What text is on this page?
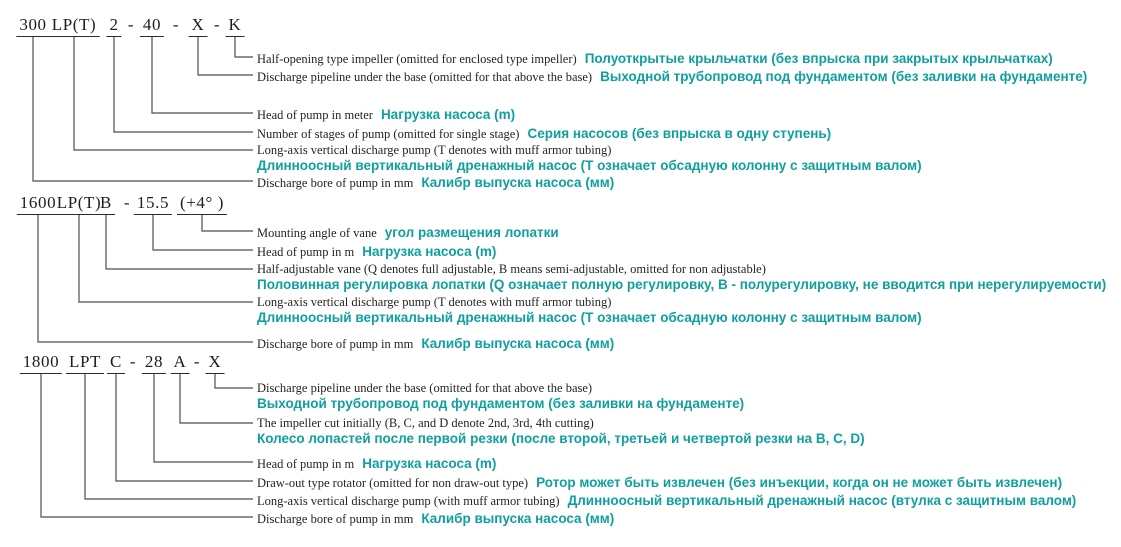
300 LP(T) 2 - 40 - X - K
Half-opening type impeller (omitted for enclosed type impeller) Полуоткрытые крыльчатки (без впрыска при закрытых крыльчатках)
Discharge pipeline under the base (omitted for that above the base) Выходной трубопровод под фундаментом (без заливки на фундаменте)
Head of pump in meter Нагрузка насоса (m)
Number of stages of pump (omitted for single stage) Серия насосов (без впрыска в одну ступень)
Long-axis vertical discharge pump (T denotes with muff armor tubing)
Длинноосный вертикальный дренажный насос (Т означает обсадную колонну с защитным валом)
Discharge bore of pump in mm Калибр выпуска насоса (мм)
1600 LP(T)
B - 15.5 (+4° )
Mounting angle of vane угол размещения лопатки
Head of pump in m Нагрузка насоса (m)
Half-adjustable vane (Q denotes full adjustable, B means semi-adjustable, omitted for non adjustable)
Половинная регулировка лопатки (Q означает полную регулировку, B - полурегулировку, не вводится при нерегулируемости)
Long-axis vertical discharge pump (T denotes with muff armor tubing)
Длинноосный вертикальный дренажный насос (Т означает обсадную колонну с защитным валом)
Discharge bore of pump in mm Калибр выпуска насоса (мм)
1800 LPT C - 28 A - X
Discharge pipeline under the base (omitted for that above the base)
Выходной трубопровод под фундаментом (без заливки на фундаменте)
The impeller cut initially (B, C, and D denote 2nd, 3rd, 4th cutting)
Колесо лопастей после первой резки (после второй, третьей и четвертой резки на B, C, D)
Head of pump in m Нагрузка насоса (m)
Draw-out type rotator (omitted for non draw-out type) Ротор может быть извлечен (без инъекции, когда он не может быть извлечен)
Long-axis vertical discharge pump (with muff armor tubing) Длинноосный вертикальный дренажный насос (втулка с защитным валом)
Discharge bore of pump in mm Калибр выпуска насоса (мм)
